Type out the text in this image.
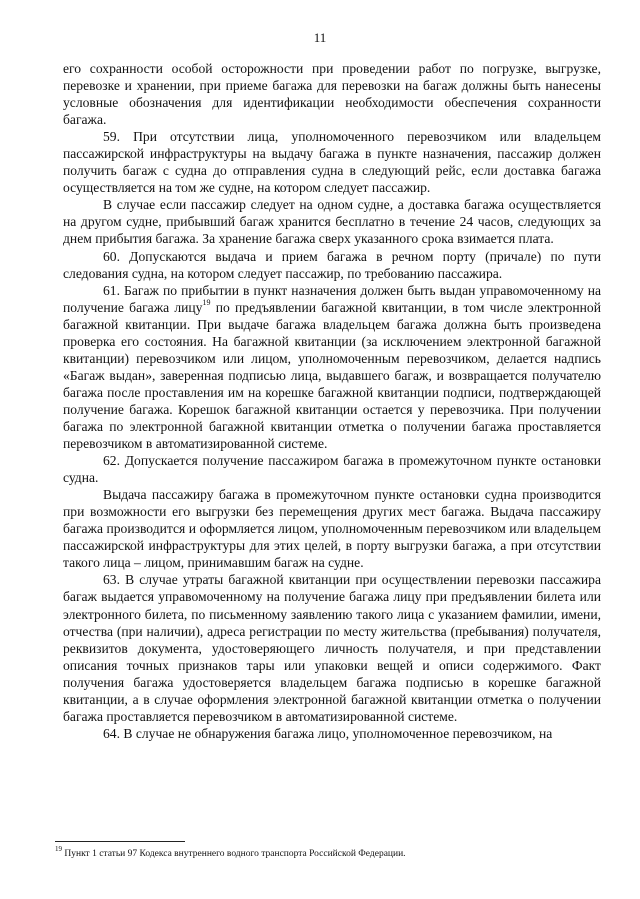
11

его сохранности особой осторожности при проведении работ по погрузке, выгрузке, перевозке и хранении, при приеме багажа для перевозки на багаж должны быть нанесены условные обозначения для идентификации необходимости обеспечения сохранности багажа.

59. При отсутствии лица, уполномоченного перевозчиком или владельцем пассажирской инфраструктуры на выдачу багажа в пункте назначения, пассажир должен получить багаж с судна до отправления судна в следующий рейс, если доставка багажа осуществляется на том же судне, на котором следует пассажир.

В случае если пассажир следует на одном судне, а доставка багажа осуществляется на другом судне, прибывший багаж хранится бесплатно в течение 24 часов, следующих за днем прибытия багажа. За хранение багажа сверх указанного срока взимается плата.

60. Допускаются выдача и прием багажа в речном порту (причале) по пути следования судна, на котором следует пассажир, по требованию пассажира.

61. Багаж по прибытии в пункт назначения должен быть выдан управомоченному на получение багажа лицу$^{19}$ по предъявлении багажной квитанции, в том числе электронной багажной квитанции. При выдаче багажа владельцем багажа должна быть произведена проверка его состояния. На багажной квитанции (за исключением электронной багажной квитанции) перевозчиком или лицом, уполномоченным перевозчиком, делается надпись «Багаж выдан», заверенная подписью лица, выдавшего багаж, и возвращается получателю багажа после проставления им на корешке багажной квитанции подписи, подтверждающей получение багажа. Корешок багажной квитанции остается у перевозчика. При получении багажа по электронной багажной квитанции отметка о получении багажа проставляется перевозчиком в автоматизированной системе.

62. Допускается получение пассажиром багажа в промежуточном пункте остановки судна.

Выдача пассажиру багажа в промежуточном пункте остановки судна производится при возможности его выгрузки без перемещения других мест багажа. Выдача пассажиру багажа производится и оформляется лицом, уполномоченным перевозчиком или владельцем пассажирской инфраструктуры для этих целей, в порту выгрузки багажа, а при отсутствии такого лица – лицом, принимавшим багаж на судне.

63. В случае утраты багажной квитанции при осуществлении перевозки пассажира багаж выдается управомоченному на получение багажа лицу при предъявлении билета или электронного билета, по письменному заявлению такого лица с указанием фамилии, имени, отчества (при наличии), адреса регистрации по месту жительства (пребывания) получателя, реквизитов документа, удостоверяющего личность получателя, и при представлении описания точных признаков тары или упаковки вещей и описи содержимого. Факт получения багажа удостоверяется владельцем багажа подписью в корешке багажной квитанции, а в случае оформления электронной багажной квитанции отметка о получении багажа проставляется перевозчиком в автоматизированной системе.

64. В случае не обнаружения багажа лицо, уполномоченное перевозчиком, на

$^{19}$ Пункт 1 статьи 97 Кодекса внутреннего водного транспорта Российской Федерации.
